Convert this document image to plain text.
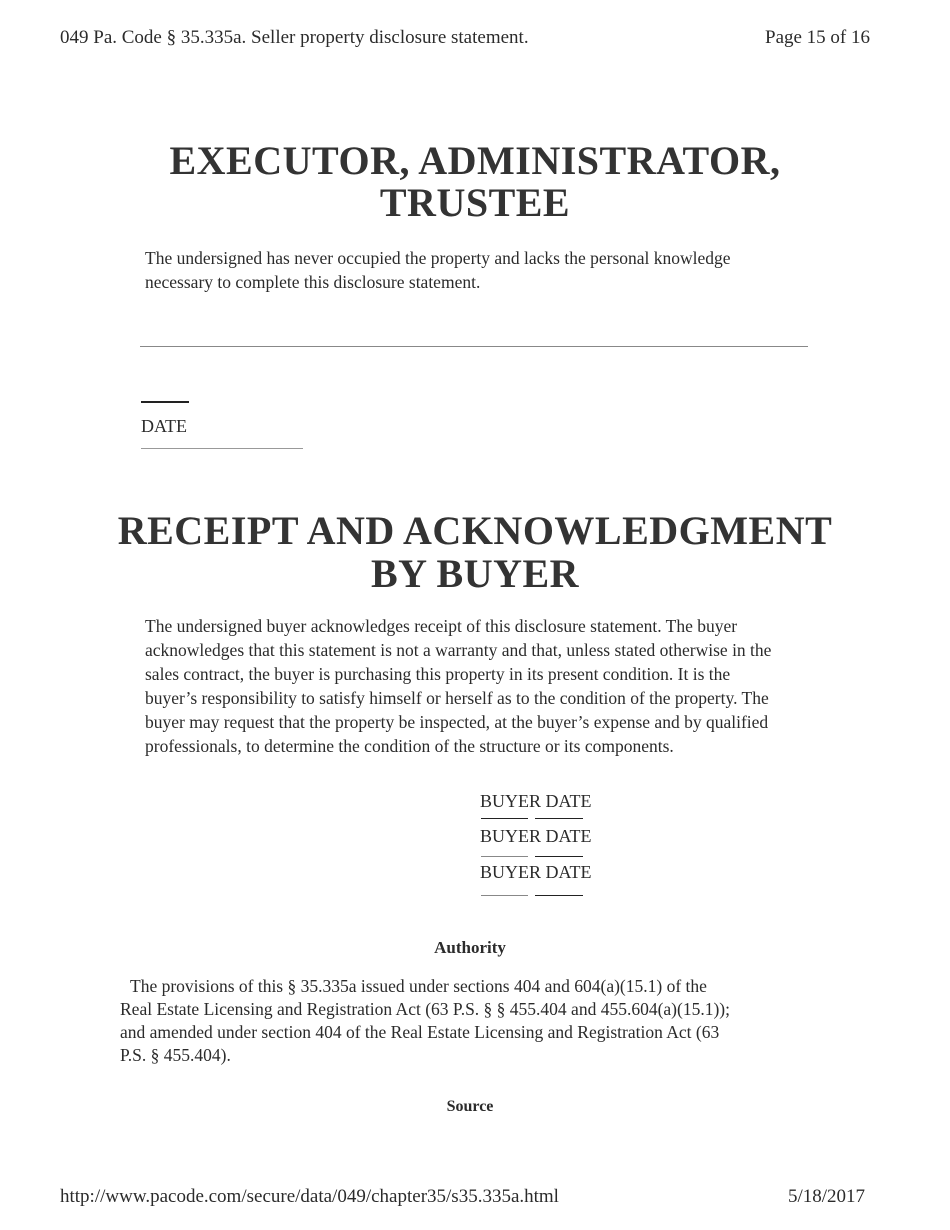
049 Pa. Code § 35.335a. Seller property disclosure statement.	Page 15 of 16
EXECUTOR, ADMINISTRATOR,
TRUSTEE
The undersigned has never occupied the property and lacks the personal knowledge
necessary to complete this disclosure statement.
DATE
RECEIPT AND ACKNOWLEDGMENT
BY BUYER
The undersigned buyer acknowledges receipt of this disclosure statement. The buyer
acknowledges that this statement is not a warranty and that, unless stated otherwise in the
sales contract, the buyer is purchasing this property in its present condition. It is the
buyer’s responsibility to satisfy himself or herself as to the condition of the property. The
buyer may request that the property be inspected, at the buyer’s expense and by qualified
professionals, to determine the condition of the structure or its components.
BUYER DATE
BUYER DATE
BUYER DATE
Authority
The provisions of this § 35.335a issued under sections 404 and 604(a)(15.1) of the
Real Estate Licensing and Registration Act (63 P.S. § § 455.404 and 455.604(a)(15.1));
and amended under section 404 of the Real Estate Licensing and Registration Act (63
P.S. § 455.404).
Source
http://www.pacode.com/secure/data/049/chapter35/s35.335a.html	5/18/2017
